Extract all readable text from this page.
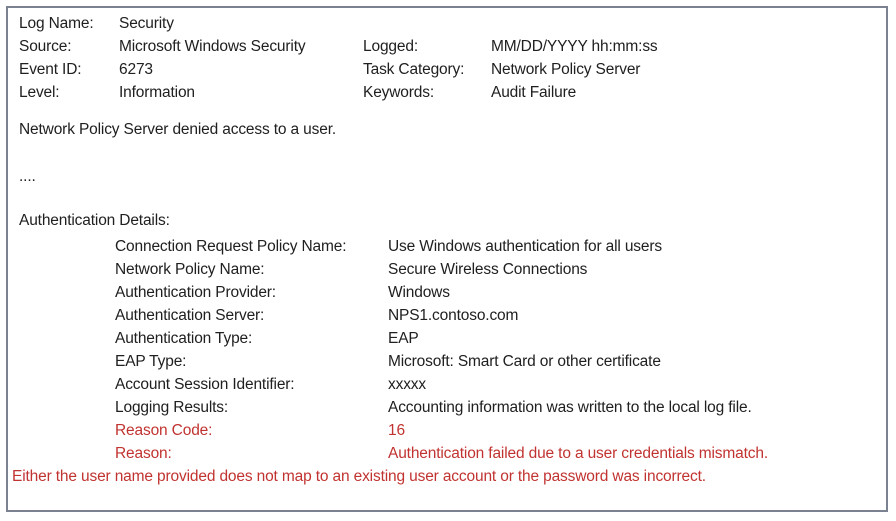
Log Name:	Security
Source:	Microsoft Windows Security	Logged:	MM/DD/YYYY hh:mm:ss
Event ID:	6273	Task Category:	Network Policy Server
Level:	Information	Keywords:	Audit Failure
Network Policy Server denied access to a user.
....
Authentication Details:
Connection Request Policy Name:	Use Windows authentication for all users
Network Policy Name:	Secure Wireless Connections
Authentication Provider:	Windows
Authentication Server:	NPS1.contoso.com
Authentication Type:	EAP
EAP Type:	Microsoft: Smart Card or other certificate
Account Session Identifier:	xxxxx
Logging Results:	Accounting information was written to the local log file.
Reason Code:	16
Reason:	Authentication failed due to a user credentials mismatch.
Either the user name provided does not map to an existing user account or the password was incorrect.
